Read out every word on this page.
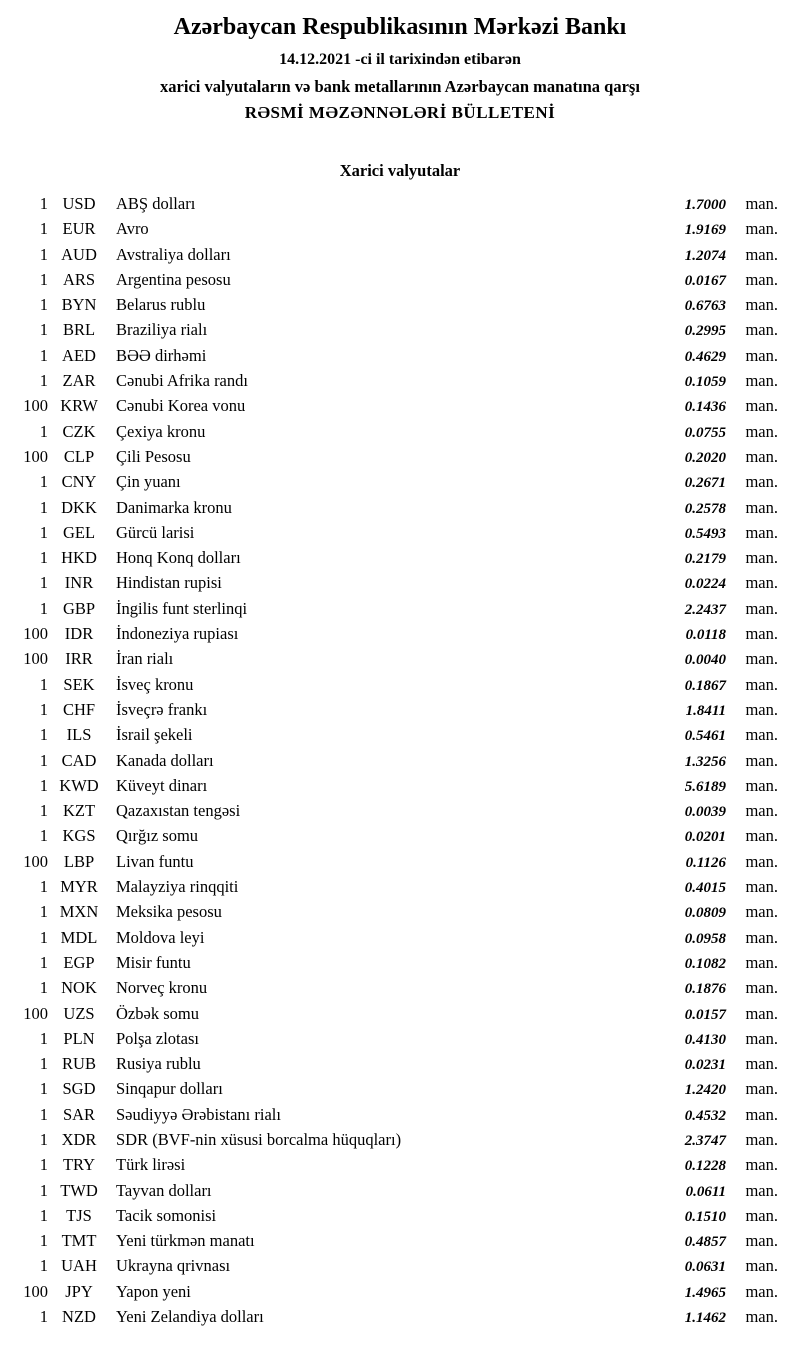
Azərbaycan Respublikasının Mərkəzi Bankı
14.12.2021 -ci il tarixindən etibarən
xarici valyutaların və bank metallarının Azərbaycan manatına qarşı
RƏSMİ MƏZƏNNƏLƏRİ BÜLLETENİ
Xarici valyutalar
1 USD	ABŞ dolları	1.7000	man.
1 EUR	Avro	1.9169	man.
1 AUD	Avstraliya dolları	1.2074	man.
1 ARS	Argentina pesosu	0.0167	man.
1 BYN	Belarus rublu	0.6763	man.
1 BRL	Braziliya rialı	0.2995	man.
1 AED	BƏƏ dirhəmi	0.4629	man.
1 ZAR	Cənubi Afrika randı	0.1059	man.
100 KRW	Cənubi Korea vonu	0.1436	man.
1 CZK	Çexiya kronu	0.0755	man.
100 CLP	Çili Pesosu	0.2020	man.
1 CNY	Çin yuanı	0.2671	man.
1 DKK	Danimarka kronu	0.2578	man.
1 GEL	Gürcü larisi	0.5493	man.
1 HKD	Honq Konq dolları	0.2179	man.
1	INR	Hindistan rupisi	0.0224	man.
1 GBP	İngilis funt sterlinqi	2.2437	man.
100	IDR	İndoneziya rupiası	0.0118	man.
100	IRR	İran rialı	0.0040	man.
1 SEK	İsveç kronu	0.1867	man.
1 CHF	İsveçrə frankı	1.8411	man.
1	ILS	İsrail şekeli	0.5461	man.
1 CAD	Kanada dolları	1.3256	man.
1 KWD	Küveyt dinarı	5.6189	man.
1 KZT	Qazaxıstan tengəsi	0.0039	man.
1 KGS	Qırğız somu	0.0201	man.
100 LBP	Livan funtu	0.1126	man.
1 MYR	Malayziya rinqqiti	0.4015	man.
1 MXN	Meksika pesosu	0.0809	man.
1 MDL	Moldova leyi	0.0958	man.
1 EGP	Misir funtu	0.1082	man.
1 NOK	Norveç kronu	0.1876	man.
100 UZS	Özbək somu	0.0157	man.
1 PLN	Polşa zlotası	0.4130	man.
1 RUB	Rusiya rublu	0.0231	man.
1 SGD	Sinqapur dolları	1.2420	man.
1 SAR	Səudiyyə Ərəbistanı rialı	0.4532	man.
1 XDR	SDR (BVF-nin xüsusi borcalma hüquqları)	2.3747	man.
1 TRY	Türk lirəsi	0.1228	man.
1 TWD	Tayvan dolları	0.0611	man.
1	TJS	Tacik somonisi	0.1510	man.
1 TMT	Yeni türkmən manatı	0.4857	man.
1 UAH	Ukrayna qrivnası	0.0631	man.
100	JPY	Yapon yeni	1.4965	man.
1 NZD	Yeni Zelandiya dolları	1.1462	man.
